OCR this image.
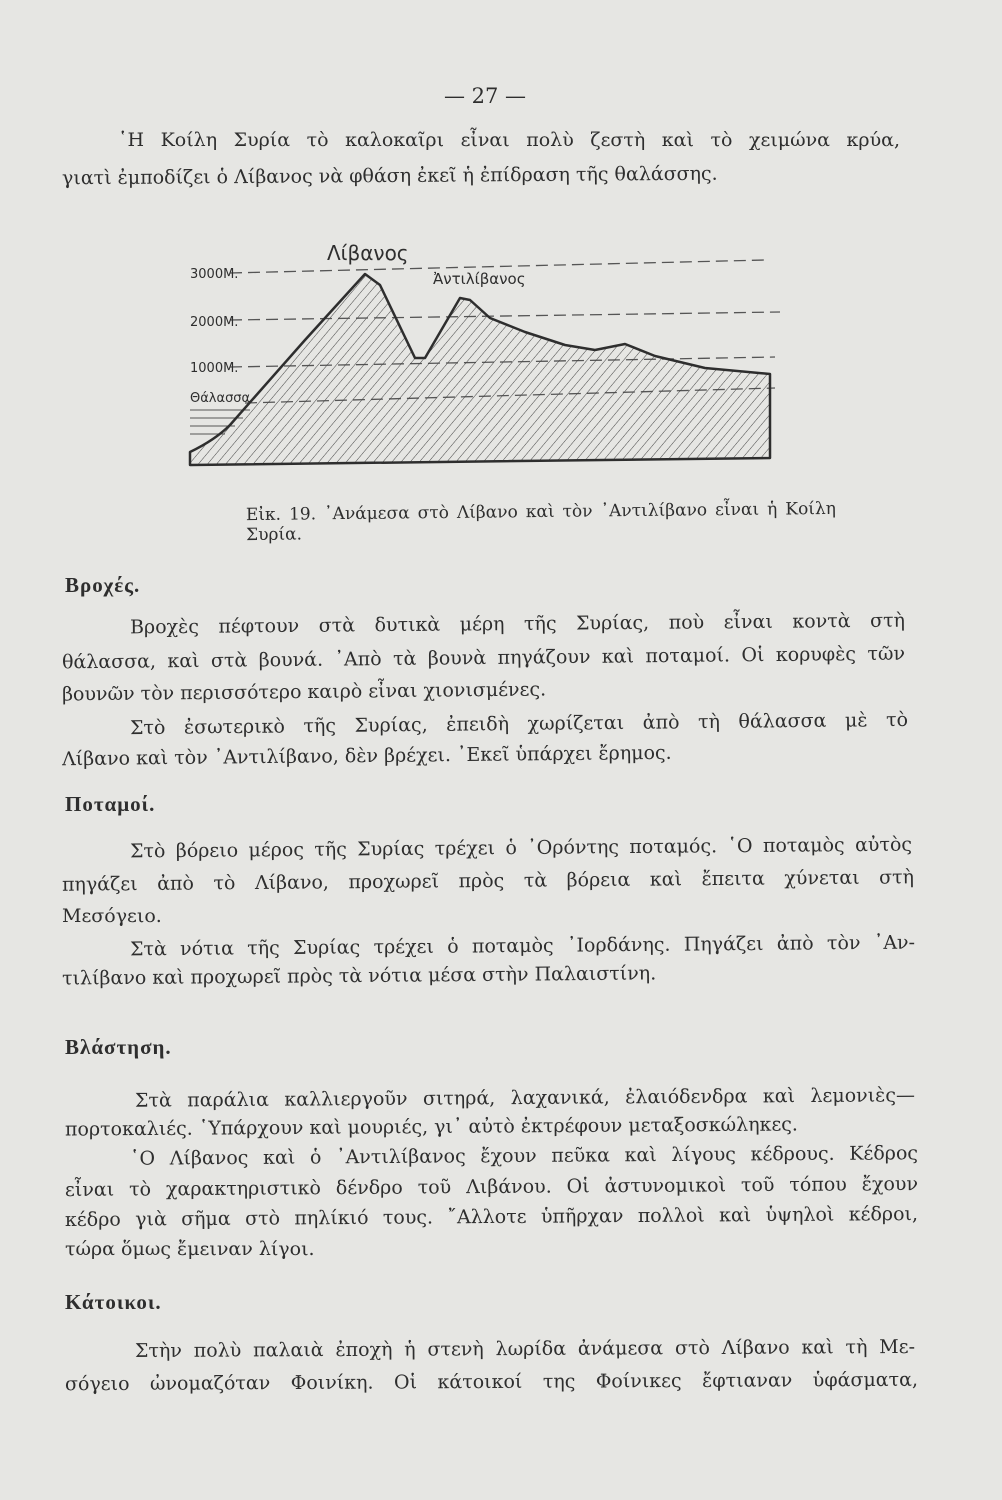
— 27 —
῾Η Κοίλη Συρία τὸ καλοκαῖρι εἶναι πολὺ ζεστὴ καὶ τὸ χειμώνα κρύα,
γιατὶ ἐμποδίζει ὁ Λίβανος νὰ φθάση ἐκεῖ ἡ ἐπίδραση τῆς θαλάσσης.
Λίβανος
Ἀντιλίβανος
3000Μ.
2000Μ.
1000Μ.
Θάλασσα
Εἰκ. 19. ᾿Ανάμεσα στὸ Λίβανο καὶ τὸν ᾿Αντιλίβανο εἶναι ἡ Κοίλη Συρία.
Βροχές.
Βροχὲς πέφτουν στὰ δυτικὰ μέρη τῆς Συρίας, ποὺ εἶναι κοντὰ στὴ
θάλασσα, καὶ στὰ βουνά. ᾿Απὸ τὰ βουνὰ πηγάζουν καὶ ποταμοί. Οἱ κορυφὲς τῶν
βουνῶν τὸν περισσότερο καιρὸ εἶναι χιονισμένες.
Στὸ ἐσωτερικὸ τῆς Συρίας, ἐπειδὴ χωρίζεται ἀπὸ τὴ θάλασσα μὲ τὸ
Λίβανο καὶ τὸν ᾿Αντιλίβανο, δὲν βρέχει. ᾿Εκεῖ ὑπάρχει ἔρημος.
Ποταμοί.
Στὸ βόρειο μέρος τῆς Συρίας τρέχει ὁ ᾿Ορόντης ποταμός. ῾Ο ποταμὸς αὐτὸς
πηγάζει ἀπὸ τὸ Λίβανο, προχωρεῖ πρὸς τὰ βόρεια καὶ ἔπειτα χύνεται στὴ
Μεσόγειο.
Στὰ νότια τῆς Συρίας τρέχει ὁ ποταμὸς ᾿Ιορδάνης. Πηγάζει ἀπὸ τὸν ᾿Αν-
τιλίβανο καὶ προχωρεῖ πρὸς τὰ νότια μέσα στὴν Παλαιστίνη.
Βλάστηση.
Στὰ παράλια καλλιεργοῦν σιτηρά, λαχανικά, ἐλαιόδενδρα καὶ λεμονιὲς—
πορτοκαλιές. ῾Υπάρχουν καὶ μουριές, γι᾿ αὐτὸ ἐκτρέφουν μεταξοσκώληκες.
῾Ο Λίβανος καὶ ὁ ᾿Αντιλίβανος ἔχουν πεῦκα καὶ λίγους κέδρους. Κέδρος
εἶναι τὸ χαρακτηριστικὸ δένδρο τοῦ Λιβάνου. Οἱ ἀστυνομικοὶ τοῦ τόπου ἔχουν
κέδρο γιὰ σῆμα στὸ πηλίκιό τους. ῎Αλλοτε ὑπῆρχαν πολλοὶ καὶ ὑψηλοὶ κέδροι,
τώρα ὅμως ἔμειναν λίγοι.
Κάτοικοι.
Στὴν πολὺ παλαιὰ ἐποχὴ ἡ στενὴ λωρίδα ἀνάμεσα στὸ Λίβανο καὶ τὴ Με-
σόγειο ὠνομαζόταν Φοινίκη. Οἱ κάτοικοί της Φοίνικες ἔφτιαναν ὑφάσματα,
